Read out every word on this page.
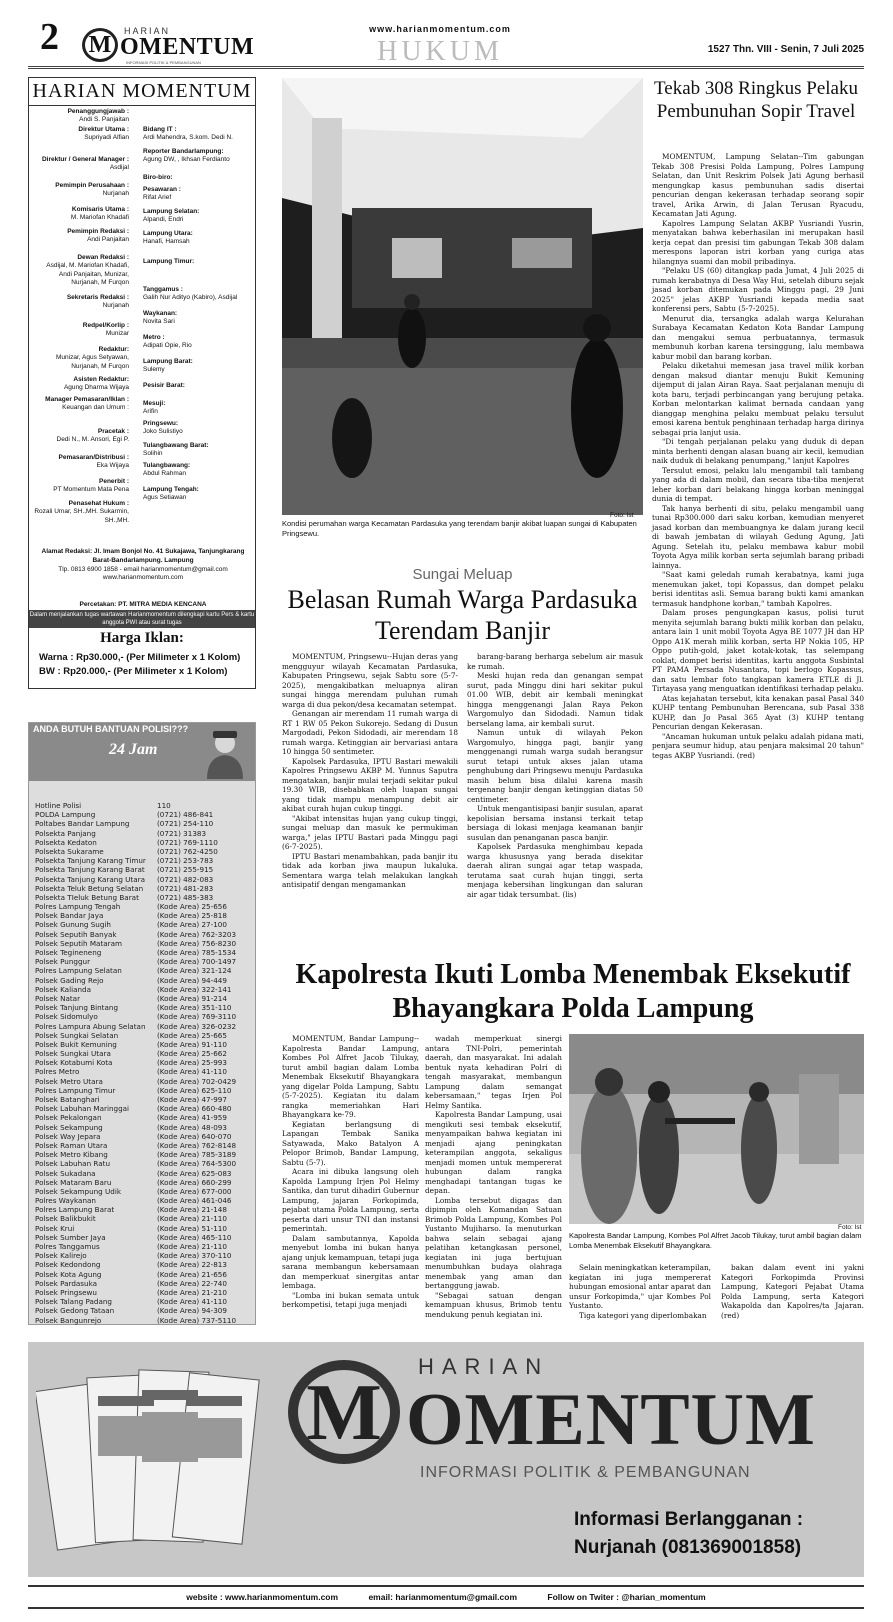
2	HARIAN
M OMENTUM
INFORMASI POLITIK & PEMBANGUNAN
www.harianmomentum.com
HUKUM	1527 Thn. VIII - Senin, 7 Juli 2025
HARIAN MOMENTUM
Penanggungjawab :
Andi S. Panjaitan
Direktur Utama :
Supriyadi Alfian
Direktur / General Manager :
Asdijal
Pemimpin Perusahaan :
Nurjanah
Komisaris Utama :
M. Mariofan Khadafi
Pemimpin Redaksi :
Andi Panjaitan
Dewan Redaksi :
Asdijal, M. Mariofan Khadafi, Andi Panjaitan, Munizar, Nurjanah, M Furqon
Sekretaris Redaksi :
Nurjanah
Redpel/Korlip :
Munizar
Redaktur:
Munizar, Agus Setyawan, Nurjanah, M Furqon
Asisten Redaktur:
Agung Dharma Wijaya
Manager Pemasaran/Iklan :
Keuangan dan Umum :
Pracetak :
Dedi N., M. Ansori, Egi P.
Pemasaran/Distribusi :
Eka Wijaya
Penerbit :
PT Momentum Mata Pena
Penasehat Hukum :
Rozali Umar, SH.,MH. Sukarmin, SH.,MH.
Bidang IT :
Ardi Mahendra, S.kom. Dedi N.
Reporter Bandarlampung:
Agung DW, , Ikhsan Ferdianto
Biro-biro:
Pesawaran :
Rifat Arief
Lampung Selatan:
Alpandi, Endri
Lampung Utara:
Hanafi, Hamsah
Lampung Timur:
Tanggamus :
Galih Nur Adityo (Kabiro), Asdijal
Waykanan:
Novita Sari
Metro :
Adipati Opie, Rio
Lampung Barat:
Sulemy
Pesisir Barat:
Mesuji:
Arifin
Pringsewu:
Joko Sulistiyo
Tulangbawang Barat:
Solihin
Tulangbawang:
Abdul Rahman
Lampung Tengah:
Agus Setiawan
Alamat Redaksi: Jl. Imam Bonjol No. 41 Sukajawa, Tanjungkarang Barat-Bandarlampung. Lampung
Tlp. 0813 6900 1858 - email harianmomentum@gmail.com
www.harianmomentum.com
Percetakan: PT. MITRA MEDIA KENCANA
Dalam menjalankan tugas wartawan Harianmomentum dilengkapi kartu Pers & kartu anggota PWI atau surat tugas
Harga Iklan:
Warna : Rp30.000,- (Per Milimeter x 1 Kolom)
BW : Rp20.000,- (Per Milimeter x 1 Kolom)
ANDA BUTUH BANTUAN POLISI???
24 Jam
Hotline Polisi	110
POLDA Lampung	(0721) 486-841
Poltabes Bandar Lampung	(0721) 254-110
Polsekta Panjang	(0721) 31383
Polsekta Kedaton	(0721) 769-1110
Polsekta Sukarame	(0721) 762-4250
Polsekta Tanjung Karang Timur (0721) 253-783
Polsekta Tanjung Karang Barat (0721) 255-915
Polsekta Tanjung Karang Utara (0721) 482-083
Polsekta Teluk Betung Selatan (0721) 481-283
Polsekta TIeluk Betung Barat	(0721) 485-383
Polres Lampung Tengah	(Kode Area) 25-656
Polsek Bandar Jaya	(Kode Area) 25-818
Polsek Gunung Sugih	(Kode Area) 27-100
Polsek Seputih Banyak	(Kode Area) 762-3203
Polsek Seputih Mataram	(Kode Area) 756-8230
Polsek Tegineneng	(Kode Area) 785-1534
Polsek Punggur	(Kode Area) 700-1497
Polres Lampung Selatan	(Kode Area) 321-124
Polsek Gading Rejo	(Kode Area) 94-449
Polsek Kalianda	(Kode Area) 322-141
Polsek Natar	(Kode Area) 91-214
Polsek Tanjung Bintang	(Kode Area) 351-110
Polsek Sidomulyo	(Kode Area) 769-3110
Polres Lampura Abung Selatan (Kode Area) 326-0232
Polsek Sungkai Selatan	(Kode Area) 25-665
Polsek Bukit Kemuning	(Kode Area) 91-110
Polsek Sungkai Utara	(Kode Area) 25-662
Polsek Kotabumi Kota	(Kode Area) 25-993
Polres Metro	(Kode Area) 41-110
Polsek Metro Utara	(Kode Area) 702-0429
Polres Lampung Timur	(Kode Area) 625-110
Polsek Batanghari	(Kode Area) 47-997
Polsek Labuhan Maringgai	(Kode Area) 660-480
Polsek Pekalongan	(Kode Area) 41-959
Polsek Sekampung	(Kode Area) 48-093
Polsek Way Jepara	(Kode Area) 640-070
Polsek Raman Utara	(Kode Area) 762-8148
Polsek Metro Kibang	(Kode Area) 785-3189
Polsek Labuhan Ratu	(Kode Area) 764-5300
Polsek Sukadana	(Kode Area) 625-083
Polsek Mataram Baru	(Kode Area) 660-299
Polsek Sekampung Udik	(Kode Area) 677-000
Polres Waykanan	(Kode Area) 461-046
Polres Lampung Barat	(Kode Area) 21-148
Polsek Balikbukit	(Kode Area) 21-110
Polsek Krui	(Kode Area) 51-110
Polsek Sumber Jaya	(Kode Area) 465-110
Polres Tanggamus	(Kode Area) 21-110
Polsek Kalirejo	(Kode Area) 370-110
Polsek Kedondong	(Kode Area) 22-813
Polsek Kota Agung	(Kode Area) 21-656
Polsek Pardasuka	(Kode Area) 22-740
Polsek Pringsewu	(Kode Area) 21-210
Polsek Talang Padang	(Kode Area) 41-110
Polsek Gedong Tataan	(Kode Area) 94-309
Polsek Bangunrejo	(Kode Area) 737-5110
Foto: Ist
Kondisi perumahan warga Kecamatan Pardasuka yang terendam banjir akibat luapan sungai di Kabupaten Pringsewu.
Sungai Meluap
Belasan Rumah Warga Pardasuka Terendam Banjir

MOMENTUM, Pringsewu--Hujan deras yang mengguyur wilayah Kecamatan Pardasuka, Kabupaten Pringsewu, sejak Sabtu sore (5-7-2025), mengakibatkan meluapnya aliran sungai hingga merendam puluhan rumah warga di dua pekon/desa kecamatan setempat.

Genangan air merendam 11 rumah warga di RT 1 RW 05 Pekon Sukorejo. Sedang di Dusun Margodadi, Pekon Sidodadi, air merendam 18 rumah warga. Ketinggian air bervariasi antara 10 hingga 50 sentimeter.

Kapolsek Pardasuka, IPTU Bastari mewakili Kapolres Pringsewu AKBP M. Yunnus Saputra mengatakan, banjir mulai terjadi sekitar pukul 19.30 WIB, disebabkan oleh luapan sungai yang tidak mampu menampung debit air akibat curah hujan cukup tinggi.

"Akibat intensitas hujan yang cukup tinggi, sungai meluap dan masuk ke permukiman warga," jelas IPTU Bastari pada Minggu pagi (6-7-2025).

IPTU Bastari menambahkan, pada banjir itu tidak ada korban jiwa maupun lukaluka. Sementara warga telah melakukan langkah antisipatif dengan mengamankan

barang-barang berharga sebelum air masuk ke rumah.

Meski hujan reda dan genangan sempat surut, pada Minggu dini hari sekitar pukul 01.00 WIB, debit air kembali meningkat hingga menggenangi Jalan Raya Pekon Wargomulyo dan Sidodadi. Namun tidak berselang lama, air kembali surut.

Namun untuk di wilayah Pekon Wargomulyo, hingga pagi, banjir yang menggenangi rumah warga sudah berangsur surut tetapi untuk akses jalan utama penghubung dari Pringsewu menuju Pardasuka masih belum bisa dilalui karena masih tergenang banjir dengan ketinggian diatas 50 centimeter.

Untuk mengantisipasi banjir susulan, aparat kepolisian bersama instansi terkait tetap bersiaga di lokasi menjaga keamanan banjir susulan dan penanganan pasca banjir.

Kapolsek Pardasuka menghimbau kepada warga khususnya yang berada disekitar daerah aliran sungai agar tetap waspada, terutama saat curah hujan tinggi, serta menjaga kebersihan lingkungan dan saluran air agar tidak tersumbat. (lis)

Tekab 308 Ringkus Pelaku Pembunuhan Sopir Travel

MOMENTUM, Lampung Selatan--Tim gabungan Tekab 308 Presisi Polda Lampung, Polres Lampung Selatan, dan Unit Reskrim Polsek Jati Agung berhasil mengungkap kasus pembunuhan sadis disertai pencurian dengan kekerasan terhadap seorang sopir travel, Arika Arwin, di Jalan Terusan Ryacudu, Kecamatan Jati Agung.

Kapolres Lampung Selatan AKBP Yusriandi Yusrin, menyatakan bahwa keberhasilan ini merupakan hasil kerja cepat dan presisi tim gabungan Tekab 308 dalam merespons laporan istri korban yang curiga atas hilangnya suami dan mobil pribadinya.

"Pelaku US (60) ditangkap pada Jumat, 4 Juli 2025 di rumah kerabatnya di Desa Way Hui, setelah diburu sejak jasad korban ditemukan pada Minggu pagi, 29 Juni 2025" jelas AKBP Yusriandi kepada media saat konferensi pers, Sabtu (5-7-2025).

Menurut dia, tersangka adalah warga Kelurahan Surabaya Kecamatan Kedaton Kota Bandar Lampung dan mengakui semua perbuatannya, termasuk membunuh korban karena tersinggung, lalu membawa kabur mobil dan barang korban.

Pelaku diketahui memesan jasa travel milik korban dengan maksud diantar menuju Bukit Kemuning dijemput di jalan Airan Raya. Saat perjalanan menuju di kota baru, terjadi perbincangan yang berujung petaka. Korban melontarkan kalimat bernada candaan yang dianggap menghina pelaku membuat pelaku tersulut emosi karena bentuk penghinaan terhadap harga dirinya sebagai pria lanjut usia.

"Di tengah perjalanan pelaku yang duduk di depan minta berhenti dengan alasan buang air kecil, kemudian naik duduk di belakang penumpang," lanjut Kapolres

Tersulut emosi, pelaku lalu mengambil tali tambang yang ada di dalam mobil, dan secara tiba-tiba menjerat leher korban dari belakang hingga korban meninggal dunia di tempat.

Tak hanya berhenti di situ, pelaku mengambil uang tunai Rp300.000 dari saku korban, kemudian menyeret jasad korban dan membuangnya ke dalam jurang kecil di bawah jembatan di wilayah Gedung Agung, Jati Agung. Setelah itu, pelaku membawa kabur mobil Toyota Agya milik korban serta sejumlah barang pribadi lainnya.

"Saat kami geledah rumah kerabatnya, kami juga menemukan jaket, topi Kopassus, dan dompet pelaku berisi identitas asli. Semua barang bukti kami amankan termasuk handphone korban," tambah Kapolres.

Dalam proses pengungkapan kasus, polisi turut menyita sejumlah barang bukti milik korban dan pelaku, antara lain 1 unit mobil Toyota Agya BE 1077 JH dan HP Oppo A1K merah milik korban, serta HP Nokia 105, HP Oppo putih-gold, jaket kotak-kotak, tas selempang coklat, dompet berisi identitas, kartu anggota Susbintal PT PAMA Persada Nusantara, topi berlogo Kopassus, dan satu lembar foto tangkapan kamera ETLE di Jl. Tirtayasa yang menguatkan identifikasi terhadap pelaku.

Atas kejahatan tersebut, kita kenakan pasal Pasal 340 KUHP tentang Pembunuhan Berencana, sub Pasal 338 KUHP, dan Jo Pasal 365 Ayat (3) KUHP tentang Pencurian dengan Kekerasan.

"Ancaman hukuman untuk pelaku adalah pidana mati, penjara seumur hidup, atau penjara maksimal 20 tahun" tegas AKBP Yusriandi. (red)

Kapolresta Ikuti Lomba Menembak Eksekutif Bhayangkara Polda Lampung

MOMENTUM, Bandar Lampung--Kapolresta Bandar Lampung, Kombes Pol Alfret Jacob Tilukay, turut ambil bagian dalam Lomba Menembak Eksekutif Bhayangkara yang digelar Polda Lampung, Sabtu (5-7-2025). Kegiatan itu dalam rangka memeriahkan Hari Bhayangkara ke-79.

Kegiatan berlangsung di Lapangan Tembak Sanika Satyawada, Mako Batalyon A Pelopor Brimob, Bandar Lampung, Sabtu (5-7).

Acara ini dibuka langsung oleh Kapolda Lampung Irjen Pol Helmy Santika, dan turut dihadiri Gubernur Lampung, jajaran Forkopimda, pejabat utama Polda Lampung, serta peserta dari unsur TNI dan instansi pemerintah.

Dalam sambutannya, Kapolda menyebut lomba ini bukan hanya ajang unjuk kemampuan, tetapi juga sarana membangun kebersamaan dan memperkuat sinergitas antar lembaga.

"Lomba ini bukan semata untuk berkompetisi, tetapi juga menjadi

wadah memperkuat sinergi antara TNI-Polri, pemerintah daerah, dan masyarakat. Ini adalah bentuk nyata kehadiran Polri di tengah masyarakat, membangun Lampung dalam semangat kebersamaan," tegas Irjen Pol Helmy Santika.

Kapolresta Bandar Lampung, usai mengikuti sesi tembak eksekutif, menyampaikan bahwa kegiatan ini menjadi ajang peningkatan keterampilan anggota, sekaligus menjadi momen untuk mempererat hubungan dalam rangka menghadapi tantangan tugas ke depan.

Lomba tersebut digagas dan dipimpin oleh Komandan Satuan Brimob Polda Lampung, Kombes Pol Yustanto Mujiharso. Ia menuturkan bahwa selain sebagai ajang pelatihan ketangkasan personel, kegiatan ini juga bertujuan menumbuhkan budaya olahraga menembak yang aman dan bertanggung jawab.

"Sebagai satuan dengan kemampuan khusus, Brimob tentu mendukung penuh kegiatan ini.

Foto: Ist
Kapolresta Bandar Lampung, Kombes Pol Alfret Jacob Tilukay, turut ambil bagian dalam Lomba Menembak Eksekutif Bhayangkara.

Selain meningkatkan keterampilan, kegiatan ini juga mempererat hubungan emosional antar aparat dan unsur Forkopimda," ujar Kombes Pol Yustanto.

Tiga kategori yang diperlombakan

bakan dalam event ini yakni Kategori Forkopimda Provinsi Lampung, Kategori Pejabat Utama Polda Lampung, serta Kategori Wakapolda dan Kapolres/ta Jajaran. (red)

HARIAN
M OMENTUM
INFORMASI POLITIK & PEMBANGUNAN
Informasi Berlangganan :
Nurjanah (081369001858)
website : www.harianmomentum.com	email: harianmomentum@gmail.com	Follow on Twiter : @harian_momentum
